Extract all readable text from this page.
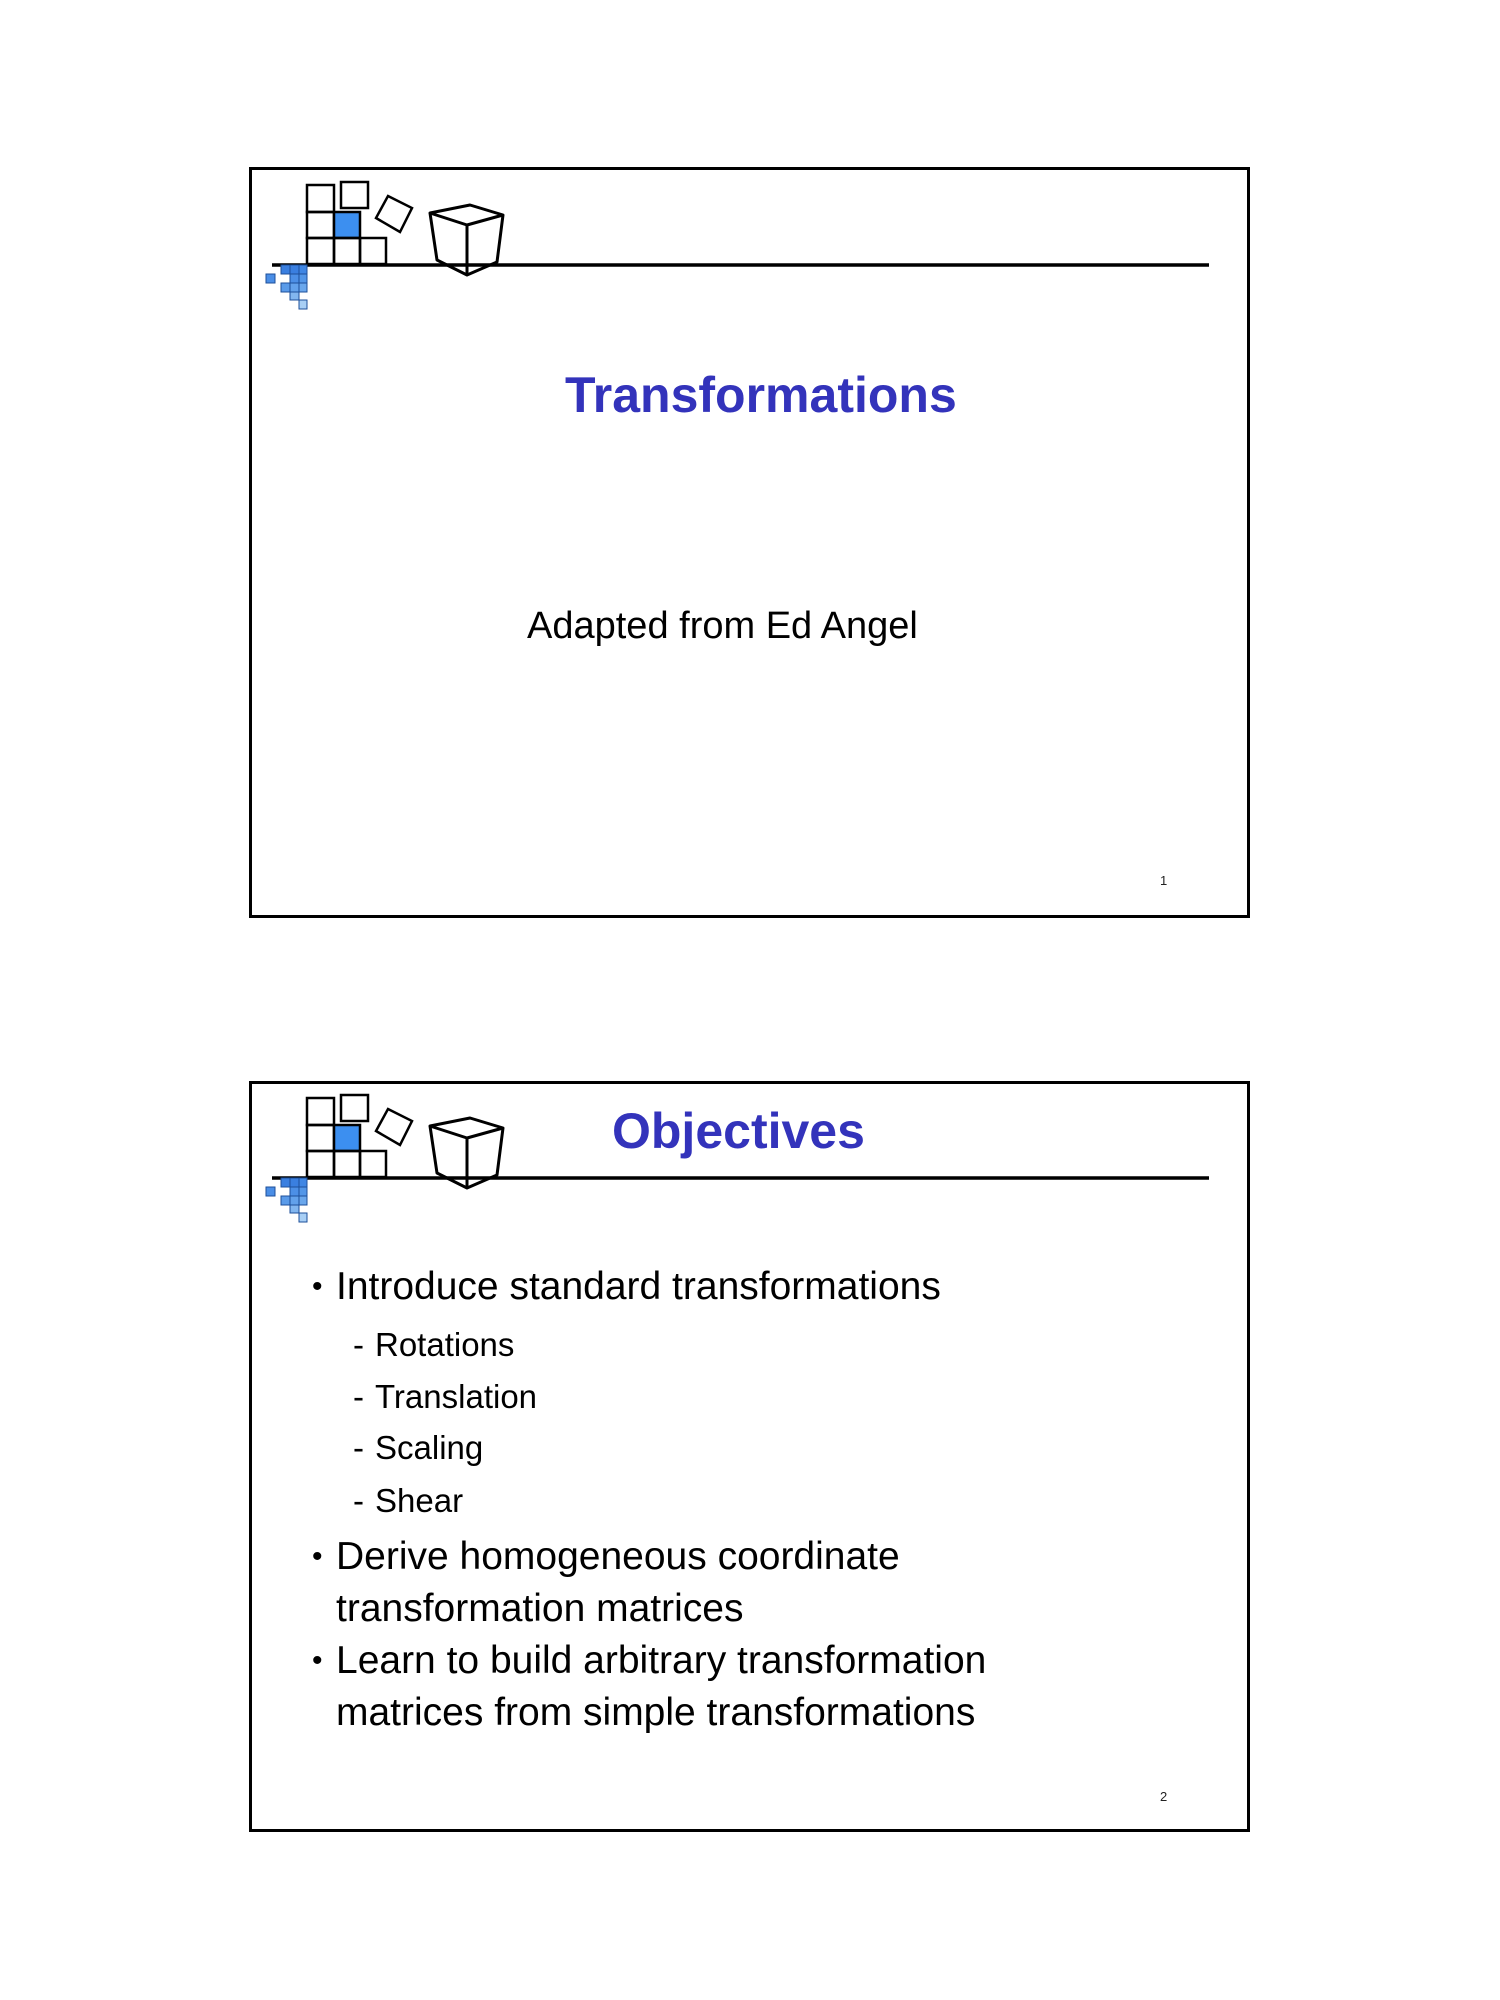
Transformations

Adapted from Ed Angel

1
Objectives
• Introduce standard transformations
- Rotations
- Translation
- Scaling
- Shear
• Derive homogeneous coordinate
transformation matrices
• Learn to build arbitrary transformation
matrices from simple transformations
2
